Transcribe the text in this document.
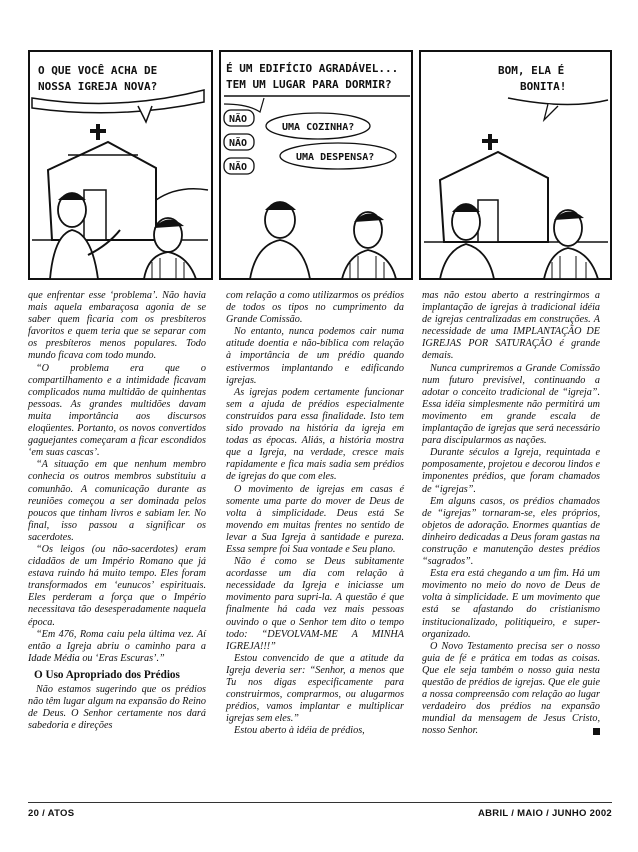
O QUE VOCÊ ACHA DE
NOSSA IGREJA NOVA?
É UM EDIFÍCIO AGRADÁVEL...
TEM UM LUGAR PARA DORMIR?
NÃO
NÃO
NÃO
UMA COZINHA?
UMA DESPENSA?
BOM, ELA É
BONITA!

que enfrentar esse ‘problema’. Não havia mais aquela embaraçosa agonia de se saber quem ficaria com os presbíteros favoritos e quem teria que se separar com os presbíteros menos populares. Todo mundo ficava com todo mundo.

“O problema era que o compartilhamento e a intimidade ficavam complicados numa multidão de quinhentas pessoas. As grandes multidões davam muita importância aos discursos eloqüentes. Portanto, os novos convertidos gaguejantes começaram a ficar escondidos ‘em suas cascas’.

“A situação em que nenhum membro conhecia os outros membros substituiu a comunhão. A comunicação durante as reuniões começou a ser dominada pelos poucos que tinham livros e sabiam ler. No final, isso passou a significar os sacerdotes.

“Os leigos (ou não-sacerdotes) eram cidadãos de um Império Romano que já estava ruindo há muito tempo. Eles foram transformados em ‘eunucos’ espirituais. Eles perderam a força que o Império necessitava tão desesperadamente naquela época.

“Em 476, Roma caiu pela última vez. Aí então a Igreja abriu o caminho para a Idade Média ou ‘Eras Escuras’.”

O Uso Apropriado dos Prédios

Não estamos sugerindo que os prédios não têm lugar algum na expansão do Reino de Deus. O Senhor certamente nos dará sabedoria e direções

com relação a como utilizarmos os prédios de todos os tipos no cumprimento da Grande Comissão.

No entanto, nunca podemos cair numa atitude doentia e não-bíblica com relação à importância de um prédio quando estivermos implantando e edificando igrejas.

As igrejas podem certamente funcionar sem a ajuda de prédios especialmente construídos para essa finalidade. Isto tem sido provado na história da igreja em todas as épocas. Aliás, a história mostra que a Igreja, na verdade, cresce mais rapidamente e fica mais sadia sem prédios de igrejas do que com eles.

O movimento de igrejas em casas é somente uma parte do mover de Deus de volta à simplicidade. Deus está Se movendo em muitas frentes no sentido de levar a Sua Igreja à santidade e pureza. Essa sempre foi Sua vontade e Seu plano.

Não é como se Deus subitamente acordasse um dia com relação à necessidade da Igreja e iniciasse um movimento para supri-la. A questão é que finalmente há cada vez mais pessoas ouvindo o que o Senhor tem dito o tempo todo: “DEVOLVAM-ME A MINHA IGREJA!!!”

Estou convencido de que a atitude da Igreja deveria ser: “Senhor, a menos que Tu nos digas especificamente para construirmos, comprarmos, ou alugarmos prédios, vamos implantar e multiplicar igrejas sem eles.”

Estou aberto à idéia de prédios,

mas não estou aberto a restringirmos a implantação de igrejas à tradicional idéia de igrejas centralizadas em construções. A necessidade de uma IMPLANTAÇÃO DE IGREJAS POR SATURAÇÃO é grande demais.

Nunca cumpriremos a Grande Comissão num futuro previsível, continuando a adotar o conceito tradicional de “igreja”. Essa idéia simplesmente não permitirá um movimento em grande escala de implantação de igrejas que será necessário para discipularmos as nações.

Durante séculos a Igreja, requintada e pomposamente, projetou e decorou lindos e imponentes prédios, que foram chamados de “igrejas”.

Em alguns casos, os prédios chamados de “igrejas” tornaram-se, eles próprios, objetos de adoração. Enormes quantias de dinheiro dedicadas a Deus foram gastas na construção e manutenção destes prédios “sagrados”.

Esta era está chegando a um fim. Há um movimento no meio do novo de Deus de volta à simplicidade. E um movimento que está se afastando do cristianismo institucionalizado, politiqueiro, e super-organizado.

O Novo Testamento precisa ser o nosso guia de fé e prática em todas as coisas. Que ele seja também o nosso guia nesta questão de prédios de igrejas. Que ele guie a nossa compreensão com relação ao lugar verdadeiro dos prédios na expansão mundial da mensagem de Jesus Cristo, nosso Senhor.

20 / ATOS	ABRIL / MAIO / JUNHO 2002
